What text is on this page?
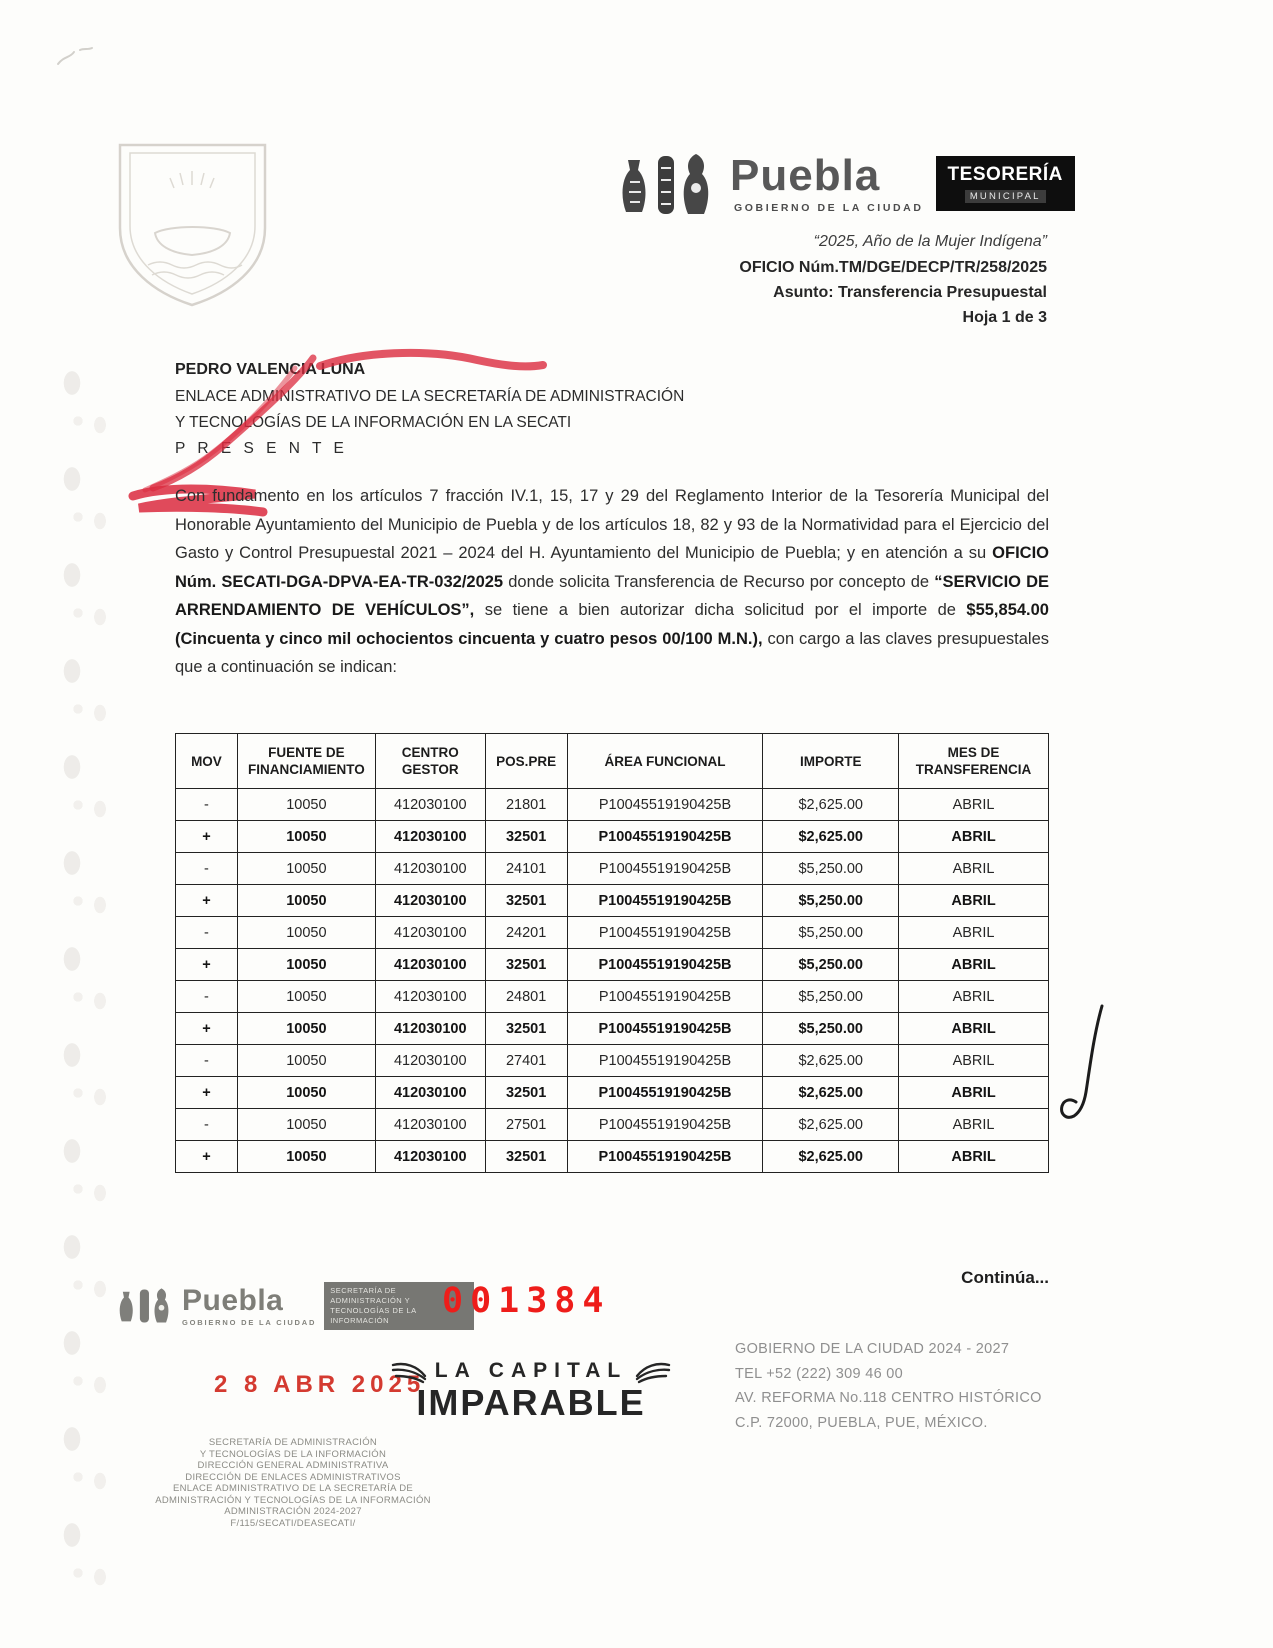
Puebla
GOBIERNO DE LA CIUDAD
TESORERÍA
MUNICIPAL
“2025, Año de la Mujer Indígena”
OFICIO Núm.TM/DGE/DECP/TR/258/2025
Asunto: Transferencia Presupuestal
Hoja 1 de 3
PEDRO VALENCIA LUNA
ENLACE ADMINISTRATIVO DE LA SECRETARÍA DE ADMINISTRACIÓN
Y TECNOLOGÍAS DE LA INFORMACIÓN EN LA SECATI
P R E S E N T E

Con fundamento en los artículos 7 fracción IV.1, 15, 17 y 29 del Reglamento Interior de la Tesorería Municipal del Honorable Ayuntamiento del Municipio de Puebla y de los artículos 18, 82 y 93 de la Normatividad para el Ejercicio del Gasto y Control Presupuestal 2021 – 2024 del H. Ayuntamiento del Municipio de Puebla; y en atención a su OFICIO Núm. SECATI-DGA-DPVA-EA-TR-032/2025 donde solicita Transferencia de Recurso por concepto de “SERVICIO DE ARRENDAMIENTO DE VEHÍCULOS”, se tiene a bien autorizar dicha solicitud por el importe de $55,854.00 (Cincuenta y cinco mil ochocientos cincuenta y cuatro pesos 00/100 M.N.), con cargo a las claves presupuestales que a continuación se indican:

MOV	FUENTE DE FINANCIAMIENTO	CENTRO GESTOR	POS.PRE	ÁREA FUNCIONAL	IMPORTE	MES DE TRANSFERENCIA
-	10050	412030100	21801	P10045519190425B	$2,625.00	ABRIL
+	10050	412030100	32501	P10045519190425B	$2,625.00	ABRIL
-	10050	412030100	24101	P10045519190425B	$5,250.00	ABRIL
+	10050	412030100	32501	P10045519190425B	$5,250.00	ABRIL
-	10050	412030100	24201	P10045519190425B	$5,250.00	ABRIL
+	10050	412030100	32501	P10045519190425B	$5,250.00	ABRIL
-	10050	412030100	24801	P10045519190425B	$5,250.00	ABRIL
+	10050	412030100	32501	P10045519190425B	$5,250.00	ABRIL
-	10050	412030100	27401	P10045519190425B	$2,625.00	ABRIL
+	10050	412030100	32501	P10045519190425B	$2,625.00	ABRIL
-	10050	412030100	27501	P10045519190425B	$2,625.00	ABRIL
+	10050	412030100	32501	P10045519190425B	$2,625.00	ABRIL
Continúa...
Puebla
GOBIERNO DE LA CIUDAD
SECRETARÍA DE ADMINISTRACIÓN Y TECNOLOGÍAS DE LA INFORMACIÓN	001384
2 8 ABR 2025
LA CAPITAL
IMPARABLE
GOBIERNO DE LA CIUDAD 2024 - 2027
TEL +52 (222) 309 46 00
AV. REFORMA No.118 CENTRO HISTÓRICO
C.P. 72000, PUEBLA, PUE, MÉXICO.
SECRETARÍA DE ADMINISTRACIÓN
Y TECNOLOGÍAS DE LA INFORMACIÓN
DIRECCIÓN GENERAL ADMINISTRATIVA
DIRECCIÓN DE ENLACES ADMINISTRATIVOS
ENLACE ADMINISTRATIVO DE LA SECRETARÍA DE
ADMINISTRACIÓN Y TECNOLOGÍAS DE LA INFORMACIÓN
ADMINISTRACIÓN 2024-2027
F/115/SECATI/DEASECATI/
